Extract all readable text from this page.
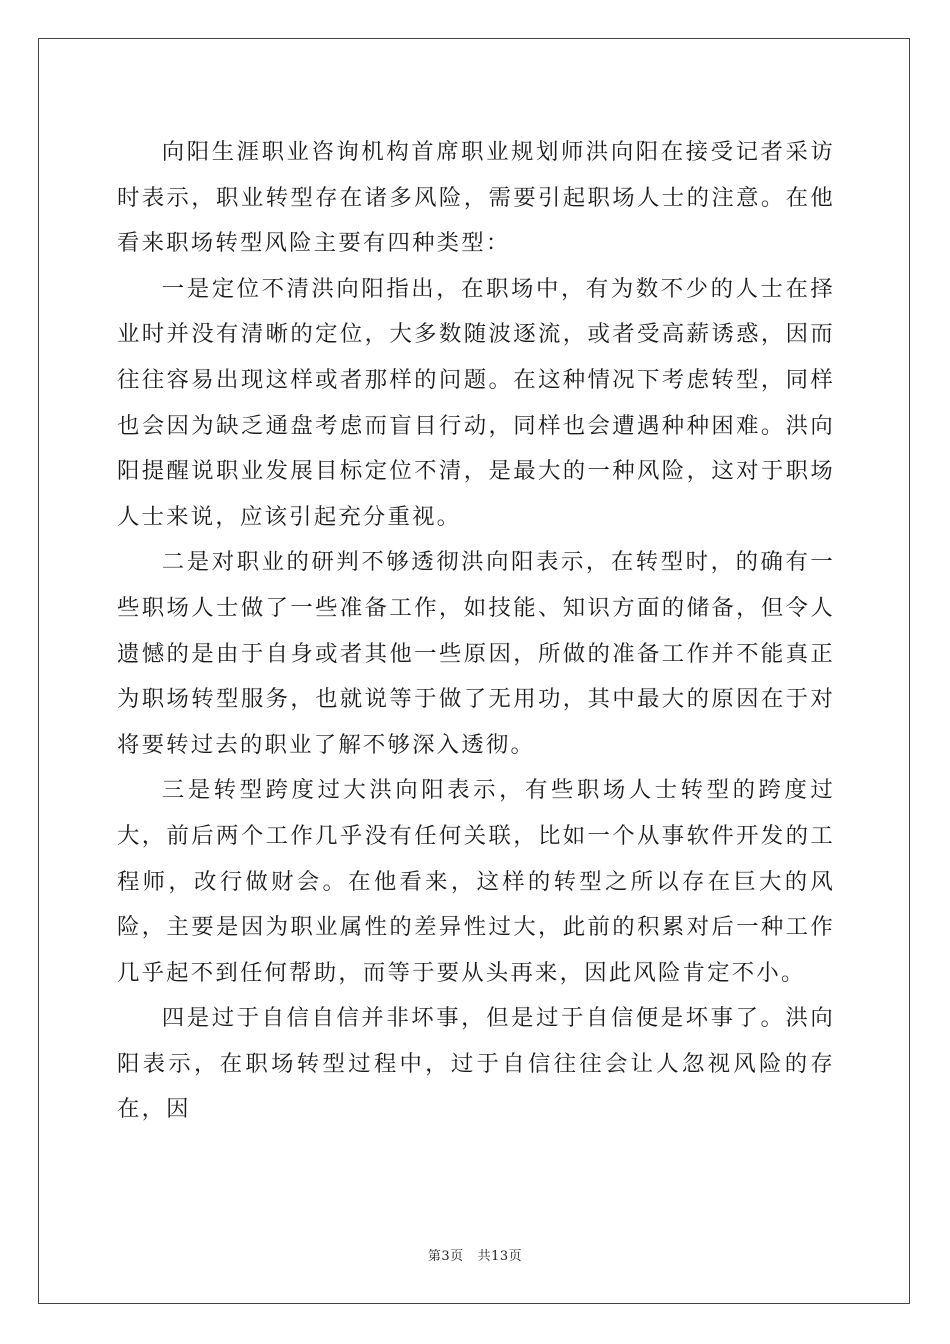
向阳生涯职业咨询机构首席职业规划师洪向阳在接受记者采访时表示，职业转型存在诸多风险，需要引起职场人士的注意。在他看来职场转型风险主要有四种类型：

一是定位不清洪向阳指出，在职场中，有为数不少的人士在择业时并没有清晰的定位，大多数随波逐流，或者受高薪诱惑，因而往往容易出现这样或者那样的问题。在这种情况下考虑转型，同样也会因为缺乏通盘考虑而盲目行动，同样也会遭遇种种困难。洪向阳提醒说职业发展目标定位不清，是最大的一种风险，这对于职场人士来说，应该引起充分重视。

二是对职业的研判不够透彻洪向阳表示，在转型时，的确有一些职场人士做了一些准备工作，如技能、知识方面的储备，但令人遗憾的是由于自身或者其他一些原因，所做的准备工作并不能真正为职场转型服务，也就说等于做了无用功，其中最大的原因在于对将要转过去的职业了解不够深入透彻。

三是转型跨度过大洪向阳表示，有些职场人士转型的跨度过大，前后两个工作几乎没有任何关联，比如一个从事软件开发的工程师，改行做财会。在他看来，这样的转型之所以存在巨大的风险，主要是因为职业属性的差异性过大，此前的积累对后一种工作几乎起不到任何帮助，而等于要从头再来，因此风险肯定不小。

四是过于自信自信并非坏事，但是过于自信便是坏事了。洪向阳表示，在职场转型过程中，过于自信往往会让人忽视风险的存在，因

第3页 共13页
